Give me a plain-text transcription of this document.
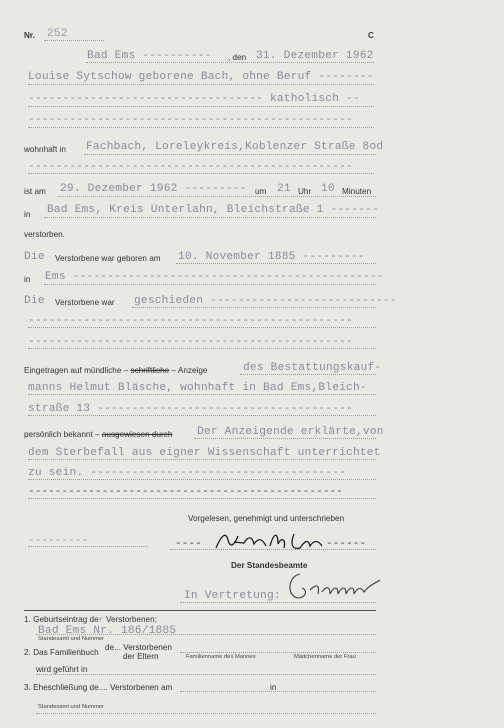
Nr. 252	C
Bad Ems ---------- , den 31. Dezember 1962
Louise Sytschow geborene Bach, ohne Beruf --------
---------------------------------- katholisch --
-----------------------------------------------
wohnhaft in Fachbach, Loreleykreis,Koblenzer Straße 8od
-----------------------------------------------
ist am 29. Dezember 1962 --------- um 21 Uhr 10 Minuten
in Bad Ems, Kreis Unterlahn, Bleichstraße 1 -------
verstorben.
Die Verstorbene war geboren am 10. November 1885 ---------
in Ems ---------------------------------------------
Die Verstorbene war geschieden ---------------------------
-----------------------------------------------
-----------------------------------------------
Eingetragen auf mündliche – schriftliche – Anzeige	des Bestattungskauf-
manns Helmut Bläsche, wohnhaft in Bad Ems,Bleich-
straße 13 -------------------------------------
persönlich bekannt – ausgewiesen durch Der Anzeigende erklärte,von
dem Sterbefall aus eigner Wissenschaft unterrichtet
zu sein. -------------------------------------
-----------------------------------------------
Vorgelesen, genehmigt und unterschrieben
---------	----	------
Der Standesbeamte
In Vertretung:
1. Geburtseintrag der Verstorbenen:
Bad Ems Nr. 186/1885
Standesamt und Nummer
2. Das Familienbuch
de... Verstorbenen
der Eltern	Familienname des Mannes	Mädchenname der Frau
wird geführt in
3. Eheschließung de.... Verstorbenen am	in
Standesamt und Nummer
